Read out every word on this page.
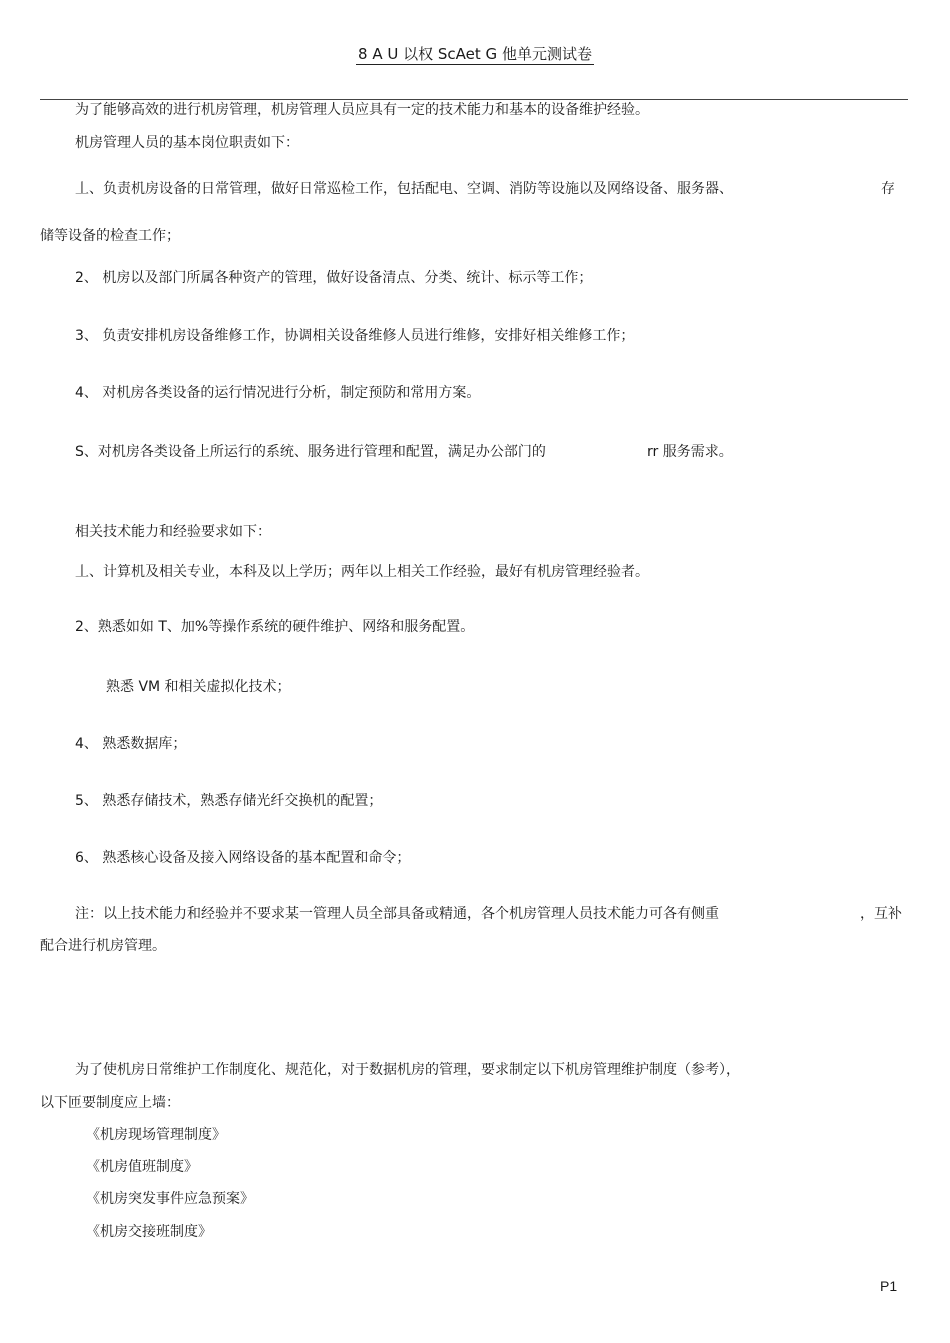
8 A U 以权 ScAet G 他单元测试卷
为了能够高效的进行机房管理，机房管理人员应具有一定的技术能力和基本的设备维护经验。
机房管理人员的基本岗位职责如下：
丄、负责机房设备的日常管理，做好日常巡检工作，包括配电、空调、消防等设施以及网络设备、服务器、	存
储等设备的检查工作；
2、 机房以及部门所属各种资产的管理，做好设备清点、分类、统计、标示等工作；
3、 负责安排机房设备维修工作，协调相关设备维修人员进行维修，安排好相关维修工作；
4、 对机房各类设备的运行情况进行分析，制定预防和常用方案。
S、对机房各类设备上所运行的系统、服务进行管理和配置，满足办公部门的	rr 服务需求。
相关技术能力和经验要求如下：
丄、计算机及相关专业，本科及以上学历；两年以上相关工作经验，最好有机房管理经验者。
2、熟悉如如 T、加%等操作系统的硬件维护、网络和服务配置。
熟悉 VM 和相关虚拟化技术；
4、 熟悉数据库；
5、 熟悉存储技术，熟悉存储光纤交换机的配置；
6、 熟悉核心设备及接入网络设备的基本配置和命令；
注：以上技术能力和经验并不要求某一管理人员全部具备或精通，各个机房管理人员技术能力可各有侧重	，互补
配合进行机房管理。
为了使机房日常维护工作制度化、规范化，对于数据机房的管理，要求制定以下机房管理维护制度（参考），
以下匝要制度应上墙：
《机房现场管理制度》
《机房值班制度》
《机房突发事件应急预案》
《机房交接班制度》
P1
